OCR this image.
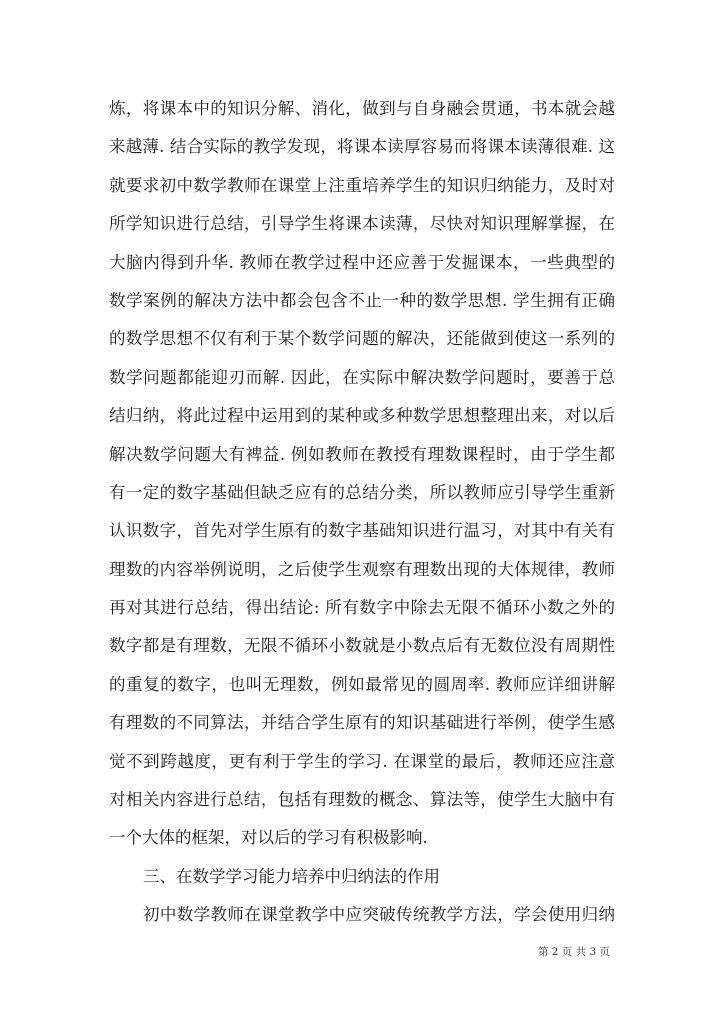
炼，将课本中的知识分解、消化，做到与自身融会贯通，书本就会越
来越薄. 结合实际的教学发现，将课本读厚容易而将课本读薄很难. 这
就要求初中数学教师在课堂上注重培养学生的知识归纳能力，及时对
所学知识进行总结，引导学生将课本读薄，尽快对知识理解掌握，在
大脑内得到升华. 教师在教学过程中还应善于发掘课本，一些典型的
数学案例的解决方法中都会包含不止一种的数学思想. 学生拥有正确
的数学思想不仅有利于某个数学问题的解决，还能做到使这一系列的
数学问题都能迎刃而解. 因此，在实际中解决数学问题时，要善于总
结归纳，将此过程中运用到的某种或多种数学思想整理出来，对以后
解决数学问题大有裨益. 例如教师在教授有理数课程时，由于学生都
有一定的数字基础但缺乏应有的总结分类，所以教师应引导学生重新
认识数字，首先对学生原有的数字基础知识进行温习，对其中有关有
理数的内容举例说明，之后使学生观察有理数出现的大体规律，教师
再对其进行总结，得出结论: 所有数字中除去无限不循环小数之外的
数字都是有理数，无限不循环小数就是小数点后有无数位没有周期性
的重复的数字，也叫无理数，例如最常见的圆周率. 教师应详细讲解
有理数的不同算法，并结合学生原有的知识基础进行举例，使学生感
觉不到跨越度，更有利于学生的学习. 在课堂的最后，教师还应注意
对相关内容进行总结，包括有理数的概念、算法等，使学生大脑中有
一个大体的框架，对以后的学习有积极影响.
三、在数学学习能力培养中归纳法的作用
初中数学教师在课堂教学中应突破传统教学方法，学会使用归纳
第 2 页 共 3 页
